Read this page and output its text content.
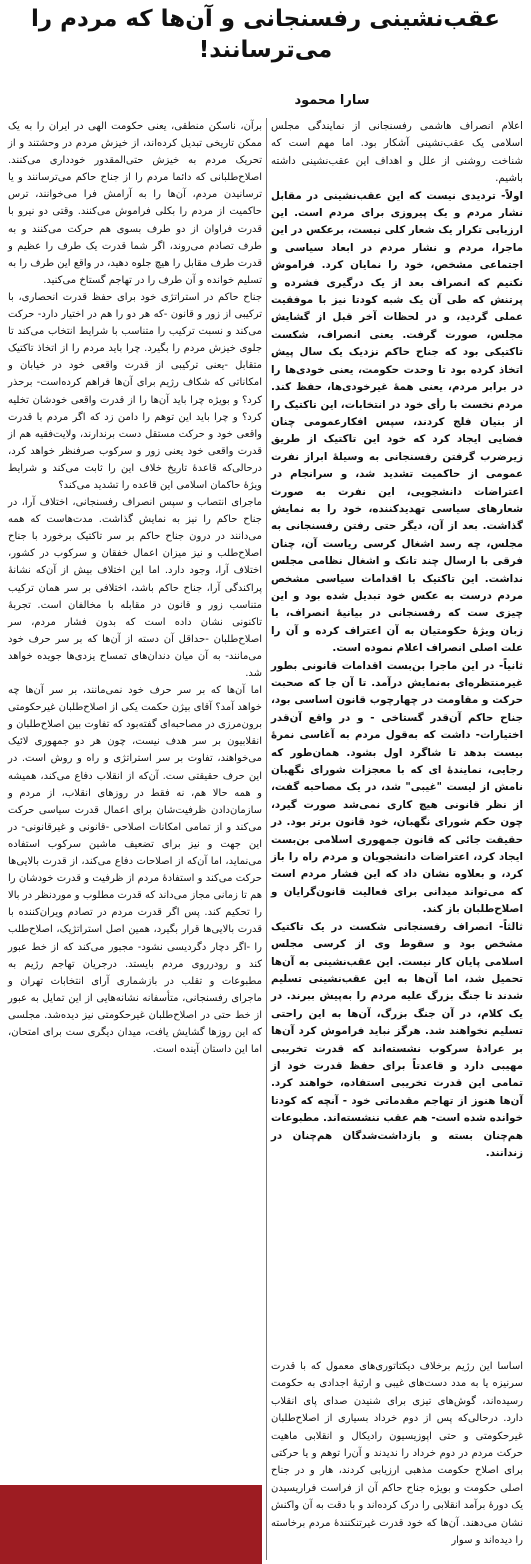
عقب‌نشینی رفسنجانی و آن‌ها که مردم را می‌ترسانند!
سارا محمود

اعلام انصراف هاشمی رفسنجانی از نمایندگی مجلس اسلامی یک عقب‌نشینی آشکار بود. اما مهم است که شناخت روشنی از علل و اهداف این عقب‌نشینی داشته باشیم.

اولاً- تردیدی نیست که این عقب‌نشینی در مقابل نشار مردم و یک پیروزی برای مردم است. این ارزیابی تکرار یک شعار کلی نیست، برعکس در این ماجرا، مردم و نشار مردم در ابعاد سیاسی و اجتماعی مشخص، خود را نمایان کرد. فراموش نکنیم که انصراف بعد از یک درگیری فشرده و پرتنش که طی آن یک شبه کودتا نیز با موفقیت عملی گردید، و در لحظات آخر قبل از گشایش مجلس، صورت گرفت. یعنی انصراف، شکست تاکتیکی بود که جناح حاکم نزدیک یک سال پیش اتخاذ کرده بود تا وحدت حکومت، یعنی خودی‌ها را در برابر مردم، یعنی همهٔ غیرخودی‌ها، حفظ کند. مردم نخست با رأی خود در انتخابات، این تاکتیک را از بنیان فلج کردند، سپس افکارعمومی چنان فضایی ایجاد کرد که خود این تاکتیک از طریق زیرضرب گرفتن رفسنجانی به وسیلهٔ ابراز نفرت عمومی از حاکمیت تشدید شد، و سرانجام در اعتراضات دانشجویی، این نفرت به صورت شعارهای سیاسی تهدیدکننده، خود را به نمایش گذاشت. بعد از آن، دیگر حتی رفتن رفسنجانی به مجلس، چه رسد اشغال کرسی ریاست آن، چنان فرقی با ارسال چند تانک و اشغال نظامی مجلس نداشت. این تاکتیک با اقدامات سیاسی مشخص مردم درست به عکس خود تبدیل شده بود و این چیزی ست که رفسنجانی در بیانیهٔ انصراف، با زبان ویژهٔ حکومتیان به آن اعتراف کرده و آن را علت اصلی انصراف اعلام نموده است.

ثانیاً- در این ماجرا بن‌بست اقدامات قانونی بطور غیرمنتظره‌ای به‌نمایش درآمد. تا آن جا که صحبت حرکت و مقاومت در چهارچوب قانون اساسی بود، جناح حاکم آن‌قدر گستاخی - و در واقع آن‌قدر اختیارات- داشت که به‌قول مردم به آغاسی نمرهٔ بیست بدهد تا شاگرد اول بشود. همان‌طور که رجایی، نمایندهٔ ای که با معجزات شورای نگهبان نامش از لیست "غیبی" شد، در یک مصاحبه گفت، از نظر قانونی هیچ کاری نمی‌شد صورت گیرد، چون حکم شورای نگهبان، خود قانون برتر بود. در حقیقت جائی که قانون جمهوری اسلامی بن‌بست ایجاد کرد، اعتراضات دانشجویان و مردم راه را باز کرد، و بعلاوه نشان داد که این فشار مردم است که می‌تواند میدانی برای فعالیت قانون‌گرایان و اصلاح‌طلبان باز کند.

ثالثاً- انصراف رفسنجانی شکست در یک تاکتیک مشخص بود و سقوط وی از کرسی مجلس اسلامی پایان کار نیست. این عقب‌نشینی به آن‌ها تحمیل شد، اما آن‌ها به این عقب‌نشینی تسلیم شدند تا جنگ بزرگ علیه مردم را به‌پیش ببرند. در یک کلام، در آن جنگ بزرگ، آن‌ها به این راحتی تسلیم نخواهند شد. هرگز نباید فراموش کرد آن‌ها بر عرادهٔ سرکوب نشسته‌اند که قدرت تخریبی مهیبی دارد و قاعدتاً برای حفظ قدرت خود از تمامی این قدرت تخریبی استفاده، خواهند کرد. آن‌ها هنوز از تهاجم مقدماتی خود - آنچه که کودتا خوانده شده است- هم عقب ننشسته‌اند. مطبوعات هم‌چنان بسته و بازداشت‌شدگان هم‌چنان در زندانند.

اساسا این رژیم برخلاف دیکتاتوری‌های معمول که با قدرت سرنیزه یا به مدد دست‌های غیبی و ارثیهٔ اجدادی به حکومت رسیده‌اند، گوش‌های تیزی برای شنیدن صدای پای انقلاب دارد. درحالی‌که پس از دوم خرداد بسیاری از اصلاح‌طلبان غیرحکومتی و حتی اپوزیسیون رادیکال و انقلابی ماهیت حرکت مردم در دوم خرداد را ندیدند و آن‌را توهم و یا حرکتی برای اصلاح حکومت مذهبی ارزیابی کردند، هار و در جناح اصلی حکومت و بویژه جناح حاکم آن از فراست فراریسیدن یک دورهٔ برآمد انقلابی را درک کرده‌اند و با دقت به آن واکنش نشان می‌دهند. آن‌ها که خود قدرت غیرتنکنندهٔ مردم برخاسته را دیده‌اند و سوار

برآن، ناسکن منطقی، یعنی حکومت الهی در ایران را به یک ممکن تاریخی تبدیل کرده‌اند، از خیزش مردم در وحشتند و از تحریک مردم به خیزش حتی‌المقدور خودداری می‌کنند. اصلاح‌طلبانی که دائما مردم را از جناح حاکم می‌ترسانند و یا ترسانیدن مردم، آن‌ها را به آرامش فرا می‌خوانند، ترس حاکمیت از مردم را بکلی فراموش می‌کنند. وقتی دو نیرو با قدرت فراوان از دو طرف بسوی هم حرکت می‌کنند و به طرف تصادم می‌روند، اگر شما قدرت یک طرف را عظیم و قدرت طرف مقابل را هیچ جلوه دهید، در واقع این طرف را به تسلیم خوانده و آن طرف را در تهاجم گستاخ می‌کنید.

جناح حاکم در استراتژی خود برای حفظ قدرت انحصاری، با ترکیبی از زور و قانون -که هر دو را هم در اختیار دارد- حرکت می‌کند و نسبت ترکیب را متناسب با شرایط انتخاب می‌کند تا جلوی خیزش مردم را بگیرد. چرا باید مردم را از اتخاذ تاکتیک متقابل -یعنی ترکیبی از قدرت واقعی خود در خیابان و امکاناتی که شکاف رژیم برای آن‌ها فراهم کرده‌است- برحذر کرد؟ و بویژه چرا باید آن‌ها را از قدرت واقعی خودشان تخلیه کرد؟ و چرا باید این توهم را دامن زد که اگر مردم با قدرت واقعی خود و حرکت مستقل دست برندارند، ولایت‌فقیه هم از قدرت واقعی خود یعنی زور و سرکوب صرفنظر خواهد کرد، درحالی‌که قاعدهٔ تاریخ خلاف این را ثابت می‌کند و شرایط ویژهٔ حاکمان اسلامی این قاعده را تشدید می‌کند؟

ماجرای انتصاب و سپس انصراف رفسنجانی، اختلاف آرا، در جناح حاکم را نیز به نمایش گذاشت. مدت‌هاست که همه می‌دانند در درون جناح حاکم بر سر تاکتیک برخورد با جناح اصلاح‌طلب و نیز میزان اعمال خفقان و سرکوب در کشور، اختلاف آرا، وجود دارد. اما این اختلاف بیش از آن‌که نشانهٔ پراکندگی آرا، جناح حاکم باشد، اختلافی بر سر همان ترکیب متناسب زور و قانون در مقابله با مخالفان است. تجربهٔ تاکنونی نشان داده است که بدون فشار مردم، سر اصلاح‌طلبان -حداقل آن دسته از آن‌ها که بر سر حرف خود می‌مانند- به آن میان دندان‌های تمساح یزدی‌ها جویده خواهد شد.

اما آن‌ها که بر سر حرف خود نمی‌مانند، بر سر آن‌ها چه خواهد آمد؟ آقای بیژن حکمت یکی از اصلاح‌طلبان غیرحکومتی برون‌مرزی در مصاحبه‌ای گفته‌بود که تفاوت بین اصلاح‌طلبان و انقلابیون بر سر هدف نیست، چون هر دو جمهوری لائیک می‌خواهند، تفاوت بر سر استراتژی و راه و روش است. در این حرف حقیقتی ست. آن‌که از انقلاب دفاع می‌کند، همیشه و همه حالا هم، نه فقط در روزهای انقلاب، از مردم و سازمان‌دادن ظرفیت‌شان برای اعمال قدرت سیاسی حرکت می‌کند و از تمامی امکانات اصلاحی -قانونی و غیرقانونی- در این جهت و نیز برای تضعیف ماشین سرکوب استفاده می‌نماید، اما آن‌که از اصلاحات دفاع می‌کند، از قدرت بالایی‌ها حرکت می‌کند و استفادهٔ مردم از ظرفیت و قدرت خودشان را هم تا زمانی مجاز می‌داند که قدرت مطلوب و موردنظر در بالا را تحکیم کند. پس اگر قدرت مردم در تصادم ویران‌کننده با قدرت بالایی‌ها قرار بگیرد، همین اصل استراتژیک، اصلاح‌طلب را -اگر دچار دگردیسی نشود- مجبور می‌کند که از خط عبور کند و رودرروی مردم بایستد. درجریان تهاجم رژیم به مطبوعات و تقلب در بازشماری آرای انتخابات تهران و ماجرای رفسنجانی، متأسفانه نشانه‌هایی از این تمایل به عبور از خط حتی در اصلاح‌طلبان غیرحکومتی نیز دیده‌شد. مجلسی که این روزها گشایش یافت، میدان دیگری ست برای امتحان، اما این داستان آینده است.
